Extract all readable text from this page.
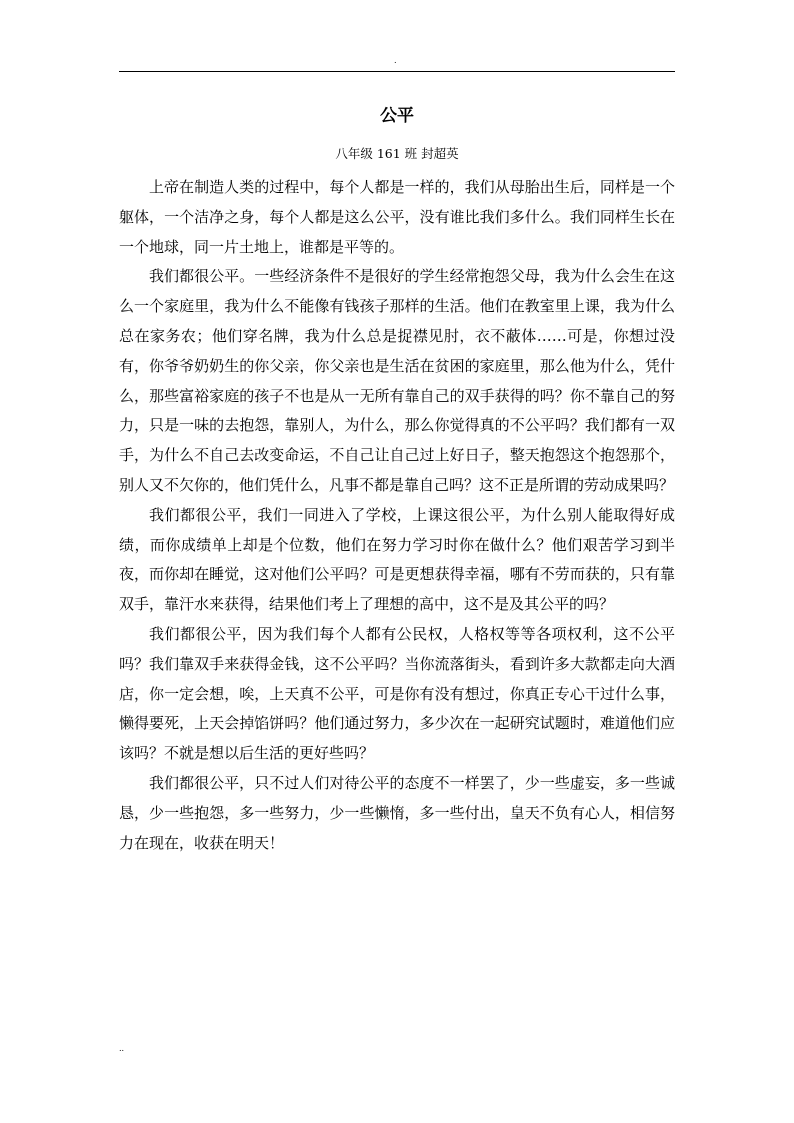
.
公平
八年级 161 班 封超英

上帝在制造人类的过程中，每个人都是一样的，我们从母胎出生后，同样是一个躯体，一个洁净之身，每个人都是这么公平，没有谁比我们多什么。我们同样生长在一个地球，同一片土地上，谁都是平等的。

我们都很公平。一些经济条件不是很好的学生经常抱怨父母，我为什么会生在这么一个家庭里，我为什么不能像有钱孩子那样的生活。他们在教室里上课，我为什么总在家务农；他们穿名牌，我为什么总是捉襟见肘，衣不蔽体……可是，你想过没有，你爷爷奶奶生的你父亲，你父亲也是生活在贫困的家庭里，那么他为什么，凭什么，那些富裕家庭的孩子不也是从一无所有靠自己的双手获得的吗？你不靠自己的努力，只是一味的去抱怨，靠别人，为什么，那么你觉得真的不公平吗？我们都有一双手，为什么不自己去改变命运，不自己让自己过上好日子，整天抱怨这个抱怨那个，别人又不欠你的，他们凭什么，凡事不都是靠自己吗？这不正是所谓的劳动成果吗？

我们都很公平，我们一同进入了学校，上课这很公平，为什么别人能取得好成绩，而你成绩单上却是个位数，他们在努力学习时你在做什么？他们艰苦学习到半夜，而你却在睡觉，这对他们公平吗？可是更想获得幸福，哪有不劳而获的，只有靠双手，靠汗水来获得，结果他们考上了理想的高中，这不是及其公平的吗？

我们都很公平，因为我们每个人都有公民权，人格权等等各项权利，这不公平吗？我们靠双手来获得金钱，这不公平吗？当你流落街头，看到许多大款都走向大酒店，你一定会想，唉，上天真不公平，可是你有没有想过，你真正专心干过什么事，懒得要死，上天会掉馅饼吗？他们通过努力，多少次在一起研究试题时，难道他们应该吗？不就是想以后生活的更好些吗？

我们都很公平，只不过人们对待公平的态度不一样罢了，少一些虚妄，多一些诚恳，少一些抱怨，多一些努力，少一些懒惰，多一些付出，皇天不负有心人，相信努力在现在，收获在明天！

..
